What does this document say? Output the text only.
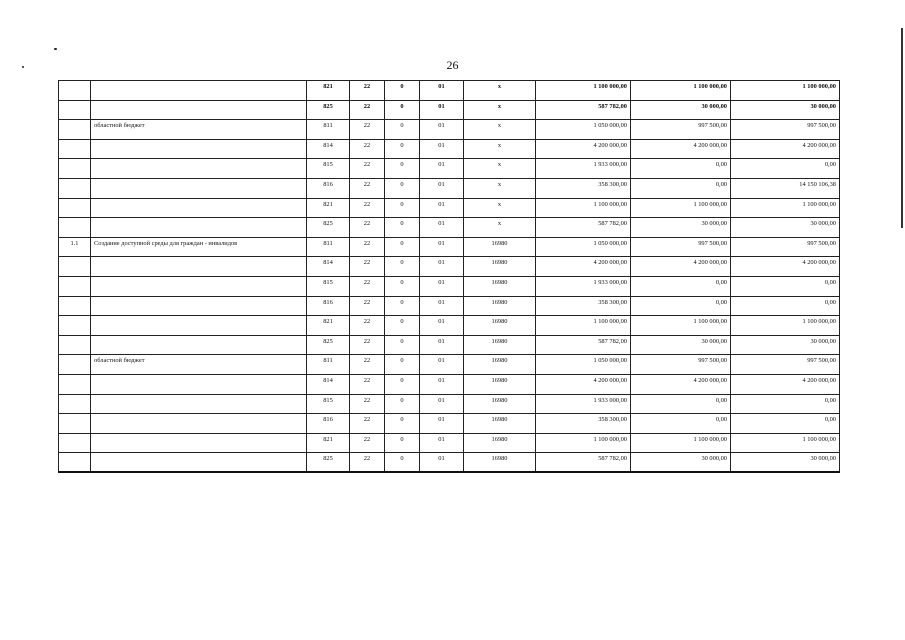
26
		821	22	0	01	x	1 100 000,00	1 100 000,00	1 100 000,00
		825	22	0	01	x	587 782,00	30 000,00	30 000,00
	областной бюджет	811	22	0	01	x	1 050 000,00	997 500,00	997 500,00
		814	22	0	01	x	4 200 000,00	4 200 000,00	4 200 000,00
		815	22	0	01	x	1 933 000,00	0,00	0,00
		816	22	0	01	x	358 300,00	0,00	14 150 106,38
		821	22	0	01	x	1 100 000,00	1 100 000,00	1 100 000,00
		825	22	0	01	x	587 782,00	30 000,00	30 000,00
1.1	Создание доступной среды для граждан - инвалидов	811	22	0	01	16980	1 050 000,00	997 500,00	997 500,00
		814	22	0	01	16980	4 200 000,00	4 200 000,00	4 200 000,00
		815	22	0	01	16980	1 933 000,00	0,00	0,00
		816	22	0	01	16980	358 300,00	0,00	0,00
		821	22	0	01	16980	1 100 000,00	1 100 000,00	1 100 000,00
		825	22	0	01	16980	587 782,00	30 000,00	30 000,00
	областной бюджет	811	22	0	01	16980	1 050 000,00	997 500,00	997 500,00
		814	22	0	01	16980	4 200 000,00	4 200 000,00	4 200 000,00
		815	22	0	01	16980	1 933 000,00	0,00	0,00
		816	22	0	01	16980	358 300,00	0,00	0,00
		821	22	0	01	16980	1 100 000,00	1 100 000,00	1 100 000,00
		825	22	0	01	16980	587 782,00	30 000,00	30 000,00
